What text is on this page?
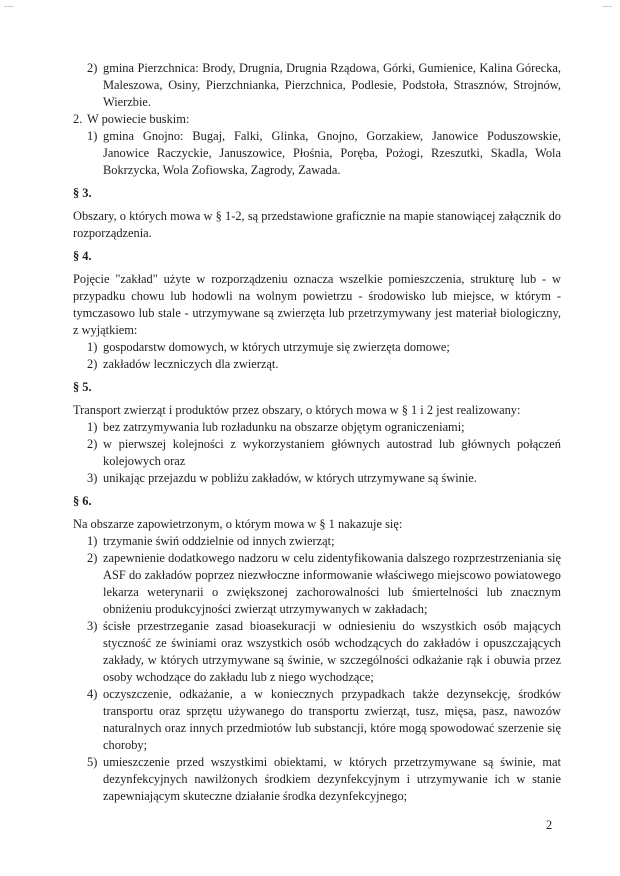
2) gmina Pierzchnica: Brody, Drugnia, Drugnia Rządowa, Górki, Gumienice, Kalina Górecka, Maleszowa, Osiny, Pierzchnianka, Pierzchnica, Podlesie, Podstoła, Strasznów, Strojnów, Wierzbie.

2. W powiecie buskim:

1) gmina Gnojno: Bugaj, Falki, Glinka, Gnojno, Gorzakiew, Janowice Poduszowskie, Janowice Raczyckie, Januszowice, Płośnia, Poręba, Pożogi, Rzeszutki, Skadla, Wola Bokrzycka, Wola Zofiowska, Zagrody, Zawada.

§ 3.

Obszary, o których mowa w § 1-2, są przedstawione graficznie na mapie stanowiącej załącznik do rozporządzenia.

§ 4.

Pojęcie "zakład" użyte w rozporządzeniu oznacza wszelkie pomieszczenia, strukturę lub - w przypadku chowu lub hodowli na wolnym powietrzu - środowisko lub miejsce, w którym - tymczasowo lub stale - utrzymywane są zwierzęta lub przetrzymywany jest materiał biologiczny, z wyjątkiem:

1) gospodarstw domowych, w których utrzymuje się zwierzęta domowe;

2) zakładów leczniczych dla zwierząt.

§ 5.

Transport zwierząt i produktów przez obszary, o których mowa w § 1 i 2 jest realizowany:

1) bez zatrzymywania lub rozładunku na obszarze objętym ograniczeniami;

2) w pierwszej kolejności z wykorzystaniem głównych autostrad lub głównych połączeń kolejowych oraz

3) unikając przejazdu w pobliżu zakładów, w których utrzymywane są świnie.

§ 6.

Na obszarze zapowietrzonym, o którym mowa w § 1 nakazuje się:

1) trzymanie świń oddzielnie od innych zwierząt;

2) zapewnienie dodatkowego nadzoru w celu zidentyfikowania dalszego rozprzestrzeniania się ASF do zakładów poprzez niezwłoczne informowanie właściwego miejscowo powiatowego lekarza weterynarii o zwiększonej zachorowalności lub śmiertelności lub znacznym obniżeniu produkcyjności zwierząt utrzymywanych w zakładach;

3) ścisłe przestrzeganie zasad bioasekuracji w odniesieniu do wszystkich osób mających styczność ze świniami oraz wszystkich osób wchodzących do zakładów i opuszczających zakłady, w których utrzymywane są świnie, w szczególności odkażanie rąk i obuwia przez osoby wchodzące do zakładu lub z niego wychodzące;

4) oczyszczenie, odkażanie, a w koniecznych przypadkach także dezynsekcję, środków transportu oraz sprzętu używanego do transportu zwierząt, tusz, mięsa, pasz, nawozów naturalnych oraz innych przedmiotów lub substancji, które mogą spowodować szerzenie się choroby;

5) umieszczenie przed wszystkimi obiektami, w których przetrzymywane są świnie, mat dezynfekcyjnych nawilżonych środkiem dezynfekcyjnym i utrzymywanie ich w stanie zapewniającym skuteczne działanie środka dezynfekcyjnego;

2
